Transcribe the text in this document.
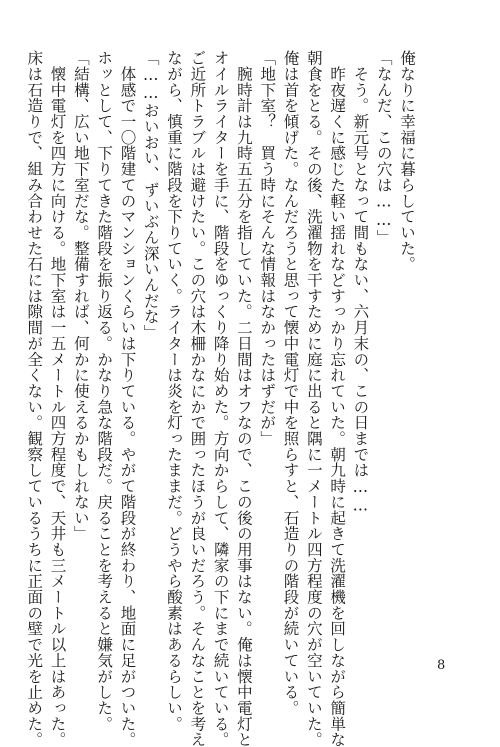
俺なりに幸福に暮らしていた。

「なんだ、この穴は……」

　そう。新元号となって間もない、六月末の、この日までは……

　昨夜遅くに感じた軽い揺れなどすっかり忘れていた。朝九時に起きて洗濯機を回しながら簡単な

朝食をとる。その後、洗濯物を干すために庭に出ると隅に一メートル四方程度の穴が空いていた。

俺は首を傾げた。なんだろうと思って懐中電灯で中を照らすと、石造りの階段が続いている。

「地下室？　買う時にそんな情報はなかったはずだが」

　腕時計は九時五五分を指していた。二日間はオフなので、この後の用事はない。俺は懐中電灯と

オイルライターを手に、階段をゆっくり降り始めた。方向からして、隣家の下にまで続いている。

ご近所トラブルは避けたい。この穴は木柵かなにかで囲ったほうが良いだろう。そんなことを考え

ながら、慎重に階段を下りていく。ライターは炎を灯ったままだ。どうやら酸素はあるらしい。

「……おいおい、ずいぶん深いんだな」

　体感で一〇階建てのマンションくらいは下りている。やがて階段が終わり、地面に足がついた。

ホッとして、下りてきた階段を振り返る。かなり急な階段だ。戻ることを考えると嫌気がした。

「結構、広い地下室だな。整備すれば、何かに使えるかもしれない」

　懐中電灯を四方に向ける。地下室は一五メートル四方程度で、天井も三メートル以上はあった。

床は石造りで、組み合わせた石には隙間が全くない。観察しているうちに正面の壁で光を止めた。	8
